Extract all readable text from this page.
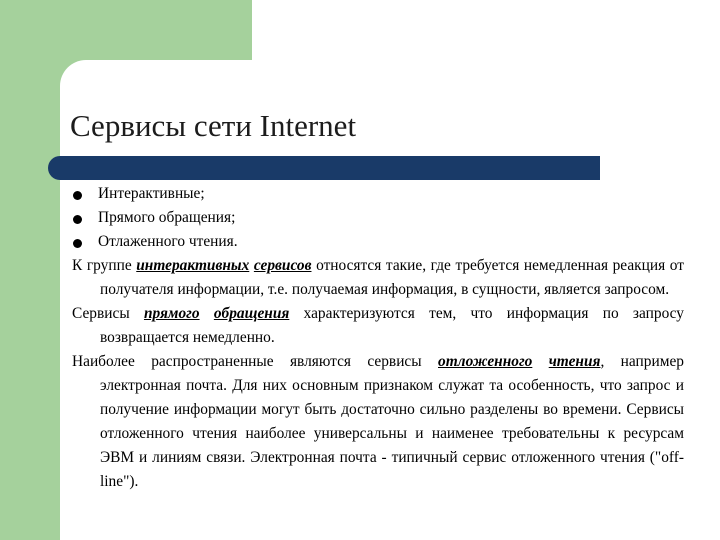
Сервисы сети Internet
Интерактивные;
Прямого обращения;
Отлаженного чтения.

К группе интерактивных сервисов относятся такие, где требуется немедленная реакция от получателя информации, т.е. получаемая информация, в сущности, является запросом.

Сервисы прямого обращения характеризуются тем, что информация по запросу возвращается немедленно.

Наиболее распространенные являются сервисы отложенного чтения, например электронная почта. Для них основным признаком служат та особенность, что запрос и получение информации могут быть достаточно сильно разделены во времени. Сервисы отложенного чтения наиболее универсальны и наименее требовательны к ресурсам ЭВМ и линиям связи. Электронная почта - типичный сервис отложенного чтения ("off-line").
